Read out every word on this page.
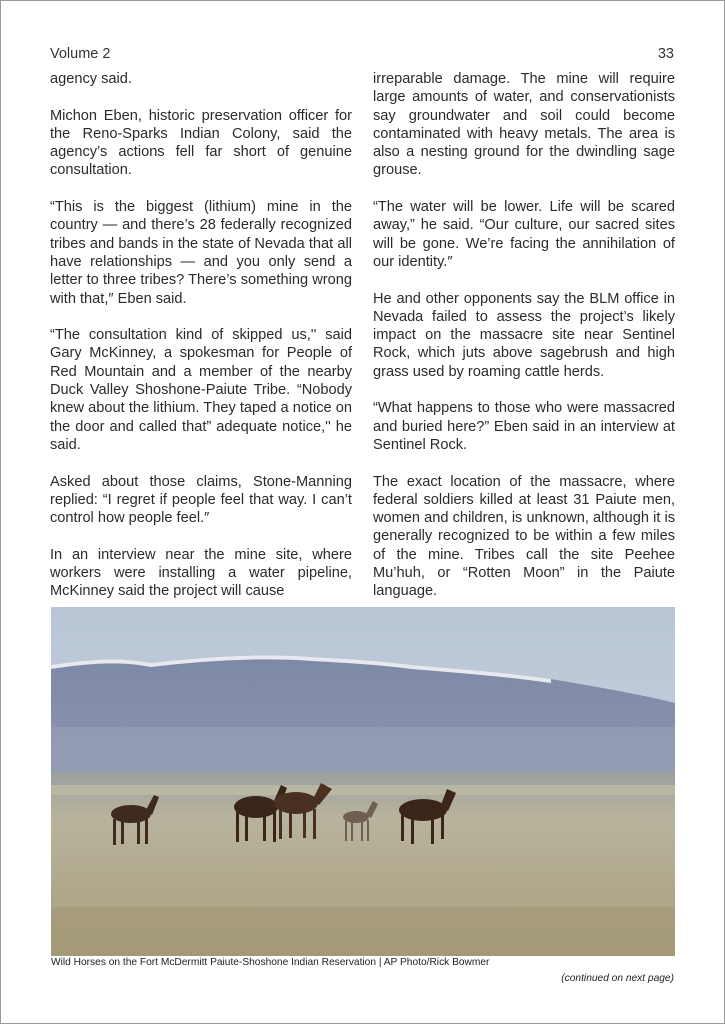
Volume 2	33

agency said.

Michon Eben, historic preservation officer for the Reno-Sparks Indian Colony, said the agency’s actions fell far short of genuine consultation.

“This is the biggest (lithium) mine in the country — and there’s 28 federally recognized tribes and bands in the state of Nevada that all have relationships — and you only send a letter to three tribes? There’s something wrong with that,″ Eben said.

“The consultation kind of skipped us,'' said Gary McKinney, a spokesman for People of Red Mountain and a member of the nearby Duck Valley Shoshone-Paiute Tribe. “Nobody knew about the lithium. They taped a notice on the door and called that” adequate notice,'' he said.

Asked about those claims, Stone-Manning replied: “I regret if people feel that way. I can’t control how people feel.″

In an interview near the mine site, where workers were installing a water pipeline, McKinney said the project will cause

irreparable damage. The mine will require large amounts of water, and conservationists say groundwater and soil could become contaminated with heavy metals. The area is also a nesting ground for the dwindling sage grouse.

“The water will be lower. Life will be scared away,” he said. “Our culture, our sacred sites will be gone. We’re facing the annihilation of our identity.″

He and other opponents say the BLM office in Nevada failed to assess the project’s likely impact on the massacre site near Sentinel Rock, which juts above sagebrush and high grass used by roaming cattle herds.

“What happens to those who were massacred and buried here?” Eben said in an interview at Sentinel Rock.

The exact location of the massacre, where federal soldiers killed at least 31 Paiute men, women and children, is unknown, although it is generally recognized to be within a few miles of the mine. Tribes call the site Peehee Mu’huh, or “Rotten Moon” in the Paiute language.

Wild Horses on the Fort McDermitt Paiute-Shoshone Indian Reservation | AP Photo/Rick Bowmer
(continued on next page)
